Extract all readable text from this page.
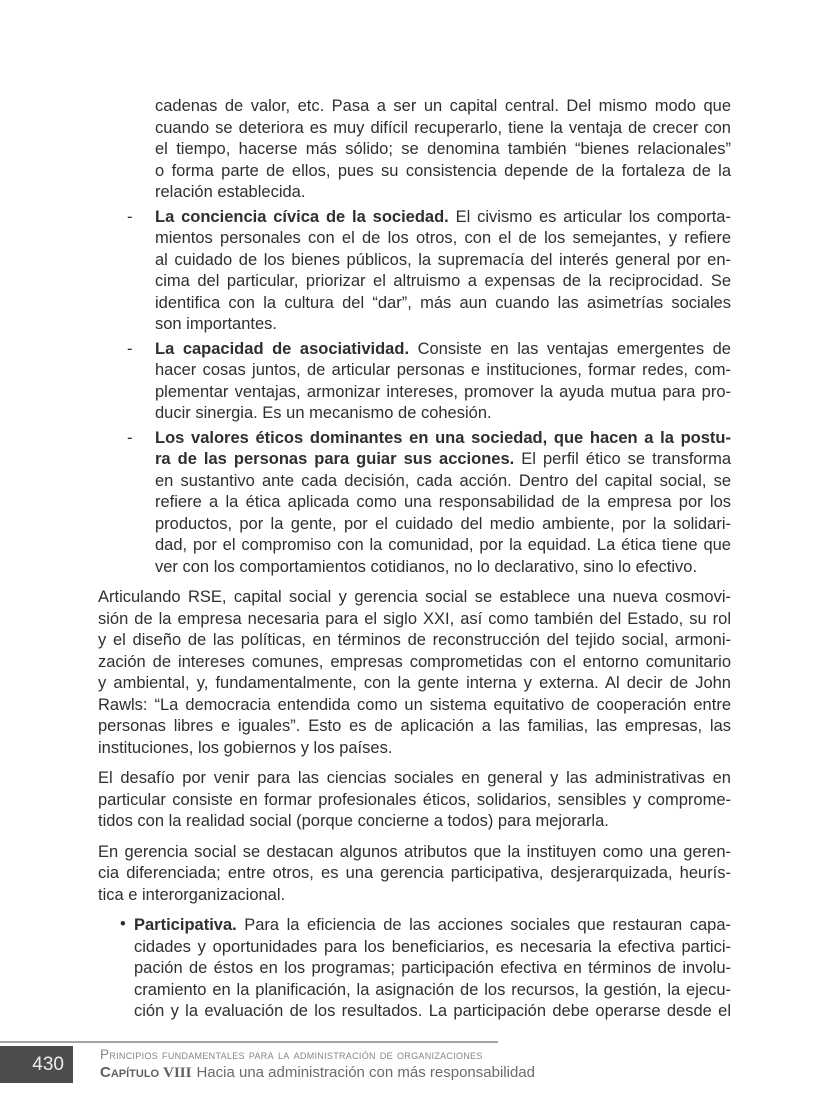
cadenas de valor, etc. Pasa a ser un capital central. Del mismo modo que
cuando se deteriora es muy difícil recuperarlo, tiene la ventaja de crecer con
el tiempo, hacerse más sólido; se denomina también “bienes relacionales”
o forma parte de ellos, pues su consistencia depende de la fortaleza de la
relación establecida.
- La conciencia cívica de la sociedad. El civismo es articular los comporta-
mientos personales con el de los otros, con el de los semejantes, y refiere
al cuidado de los bienes públicos, la supremacía del interés general por en-
cima del particular, priorizar el altruismo a expensas de la reciprocidad. Se
identifica con la cultura del “dar”, más aun cuando las asimetrías sociales
son importantes.
- La capacidad de asociatividad. Consiste en las ventajas emergentes de
hacer cosas juntos, de articular personas e instituciones, formar redes, com-
plementar ventajas, armonizar intereses, promover la ayuda mutua para pro-
ducir sinergia. Es un mecanismo de cohesión.
- Los valores éticos dominantes en una sociedad, que hacen a la postu-
ra de las personas para guiar sus acciones. El perfil ético se transforma
en sustantivo ante cada decisión, cada acción. Dentro del capital social, se
refiere a la ética aplicada como una responsabilidad de la empresa por los
productos, por la gente, por el cuidado del medio ambiente, por la solidari-
dad, por el compromiso con la comunidad, por la equidad. La ética tiene que
ver con los comportamientos cotidianos, no lo declarativo, sino lo efectivo.
Articulando RSE, capital social y gerencia social se establece una nueva cosmovi-
sión de la empresa necesaria para el siglo XXI, así como también del Estado, su rol
y el diseño de las políticas, en términos de reconstrucción del tejido social, armoni-
zación de intereses comunes, empresas comprometidas con el entorno comunitario
y ambiental, y, fundamentalmente, con la gente interna y externa. Al decir de John
Rawls: “La democracia entendida como un sistema equitativo de cooperación entre
personas libres e iguales”. Esto es de aplicación a las familias, las empresas, las
instituciones, los gobiernos y los países.
El desafío por venir para las ciencias sociales en general y las administrativas en
particular consiste en formar profesionales éticos, solidarios, sensibles y comprome-
tidos con la realidad social (porque concierne a todos) para mejorarla.
En gerencia social se destacan algunos atributos que la instituyen como una geren-
cia diferenciada; entre otros, es una gerencia participativa, desjerarquizada, heurís-
tica e interorganizacional.
• Participativa. Para la eficiencia de las acciones sociales que restauran capa-
cidades y oportunidades para los beneficiarios, es necesaria la efectiva partici-
pación de éstos en los programas; participación efectiva en términos de involu-
cramiento en la planificación, la asignación de los recursos, la gestión, la ejecu-
ción y la evaluación de los resultados. La participación debe operarse desde el
430	Principios fundamentales para la administración de organizaciones
Capítulo VIII Hacia una administración con más responsabilidad
